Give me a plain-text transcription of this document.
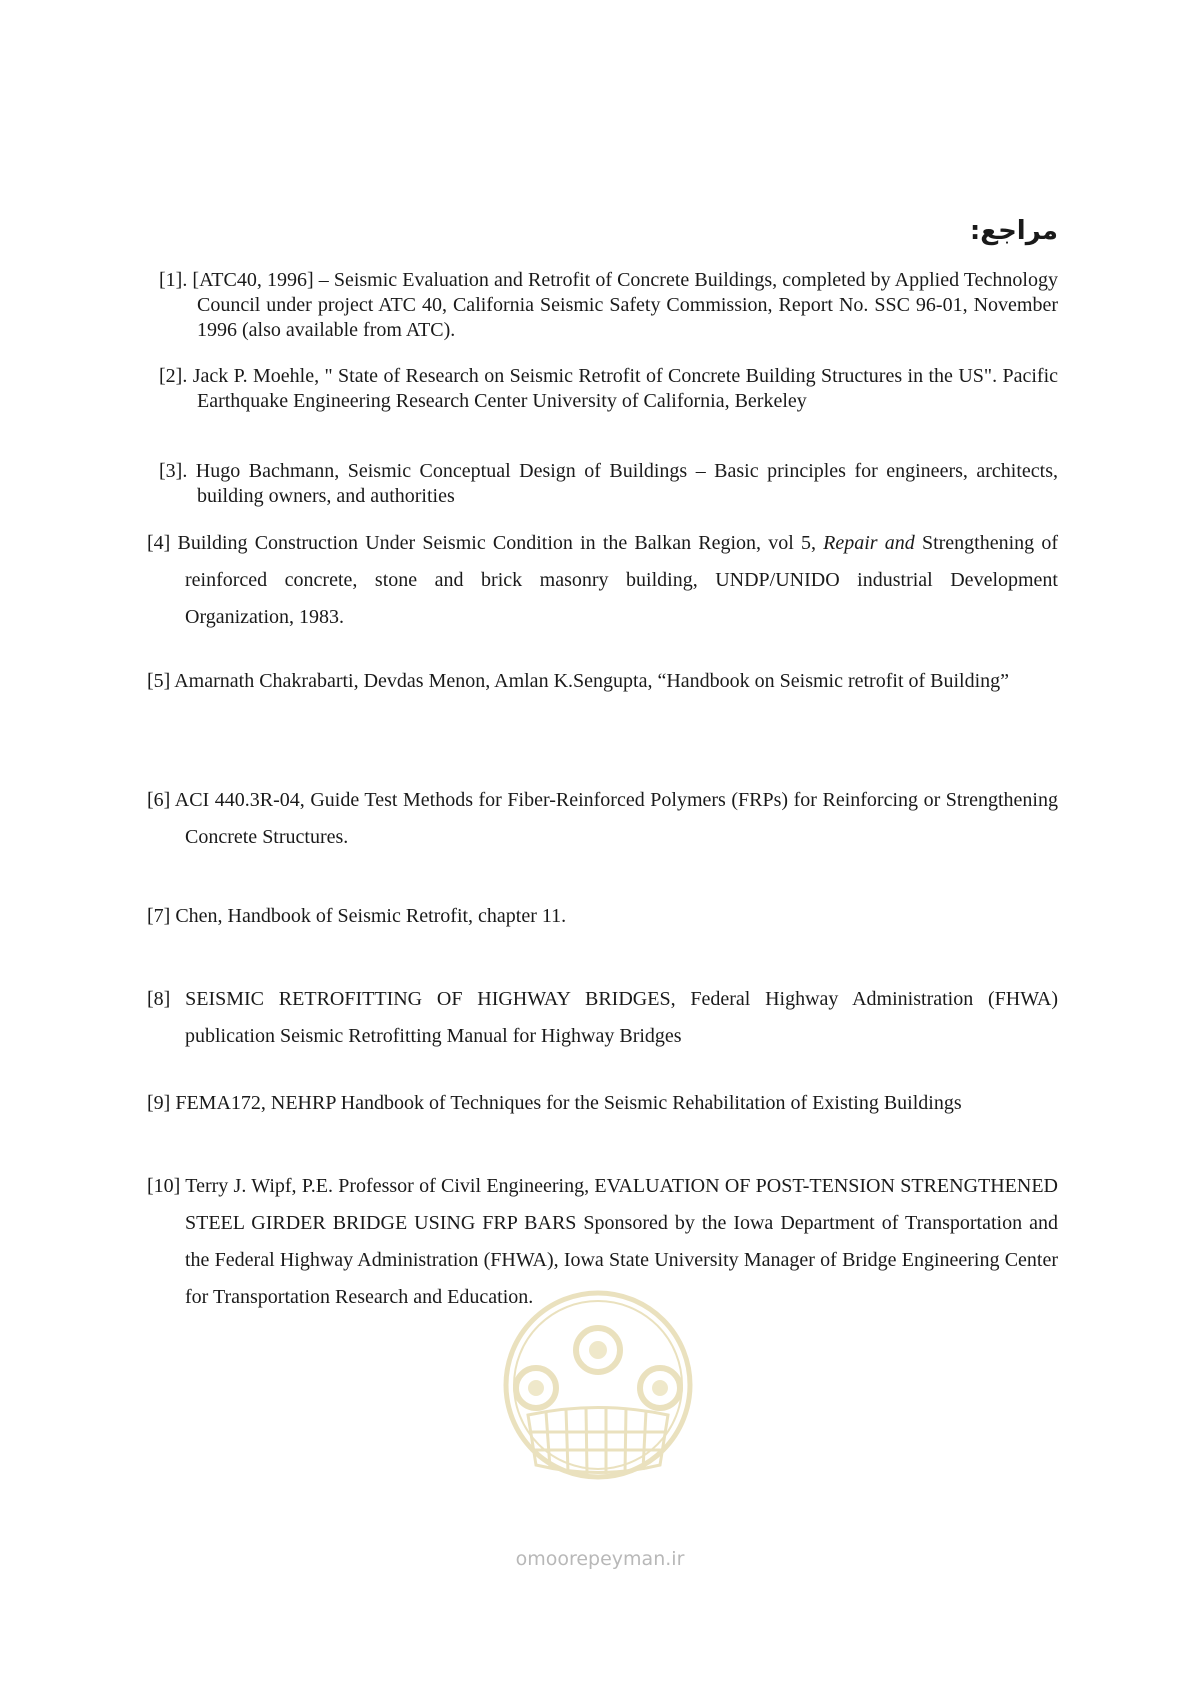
مراجع:

[1]. [ATC40, 1996] – Seismic Evaluation and Retrofit of Concrete Buildings, completed by Applied Technology Council under project ATC 40, California Seismic Safety Commission, Report No. SSC 96-01, November 1996 (also available from ATC).

[2]. Jack P. Moehle, " State of Research on Seismic Retrofit of Concrete Building Structures in the US". Pacific Earthquake Engineering Research Center University of California, Berkeley

[3]. Hugo Bachmann, Seismic Conceptual Design of Buildings – Basic principles for engineers, architects, building owners, and authorities

[4] Building Construction Under Seismic Condition in the Balkan Region, vol 5, Repair and Strengthening of reinforced concrete, stone and brick masonry building, UNDP/UNIDO industrial Development Organization, 1983.

[5] Amarnath Chakrabarti, Devdas Menon, Amlan K.Sengupta, “Handbook on Seismic retrofit of Building”

[6] ACI 440.3R-04, Guide Test Methods for Fiber-Reinforced Polymers (FRPs) for Reinforcing or Strengthening Concrete Structures.

[7] Chen, Handbook of Seismic Retrofit, chapter 11.

[8] SEISMIC RETROFITTING OF HIGHWAY BRIDGES, Federal Highway Administration (FHWA) publication Seismic Retrofitting Manual for Highway Bridges

[9] FEMA172, NEHRP Handbook of Techniques for the Seismic Rehabilitation of Existing Buildings

[10] Terry J. Wipf, P.E. Professor of Civil Engineering, EVALUATION OF POST-TENSION STRENGTHENED STEEL GIRDER BRIDGE USING FRP BARS Sponsored by the Iowa Department of Transportation and the Federal Highway Administration (FHWA), Iowa State University Manager of Bridge Engineering Center for Transportation Research and Education.

omoorepeyman.ir
